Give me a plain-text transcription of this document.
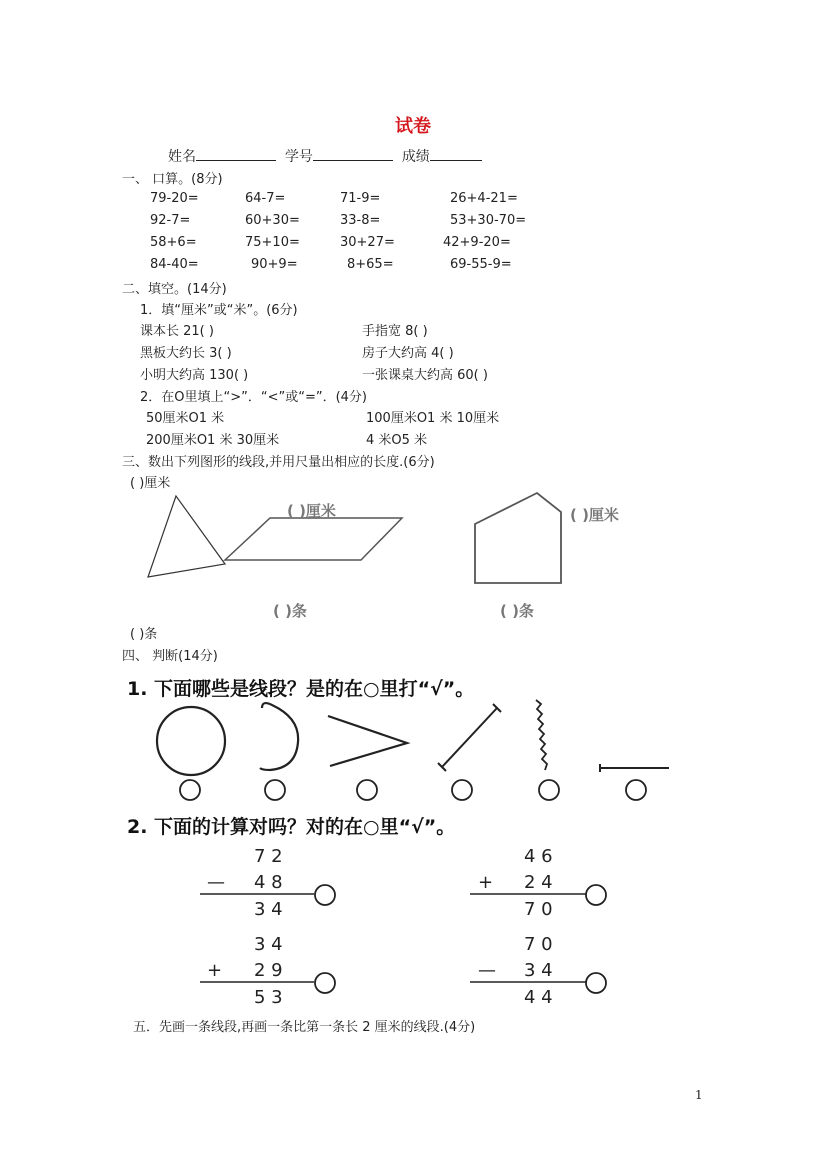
试卷
姓名	学号	成绩
一、 口算。(8分)
79-20=	64-7=	71-9=	26+4-21=
92-7=	60+30=	33-8=	53+30-70=
58+6=	75+10=	30+27=	42+9-20=
84-40=	90+9=	8+65=	69-55-9=
二、填空。(14分)
1．填“厘米”或“米”。(6分)
课本长 21( )	手指宽 8( )
黑板大约长 3( )	房子大约高 4( )
小明大约高 130( )	一张课桌大约高 60( )
2．在O里填上“>”．“<”或“=”．(4分)
50厘米O1 米	100厘米O1 米 10厘米
200厘米O1 米 30厘米	4 米O5 米
三、数出下列图形的线段,并用尺量出相应的长度.(6分)
( )厘米
( )厘米	( )厘米
( )条	( )条
( )条
四、 判断(14分)
1. 下面哪些是线段？是的在○里打“√”。
2. 下面的计算对吗？对的在○里“√”。
7 2
— 4 8
3 4
4 6
+ 2 4
7 0
3 4
+ 2 9
5 3
7 0
— 3 4
4 4
五．先画一条线段,再画一条比第一条长 2 厘米的线段.(4分)
1
